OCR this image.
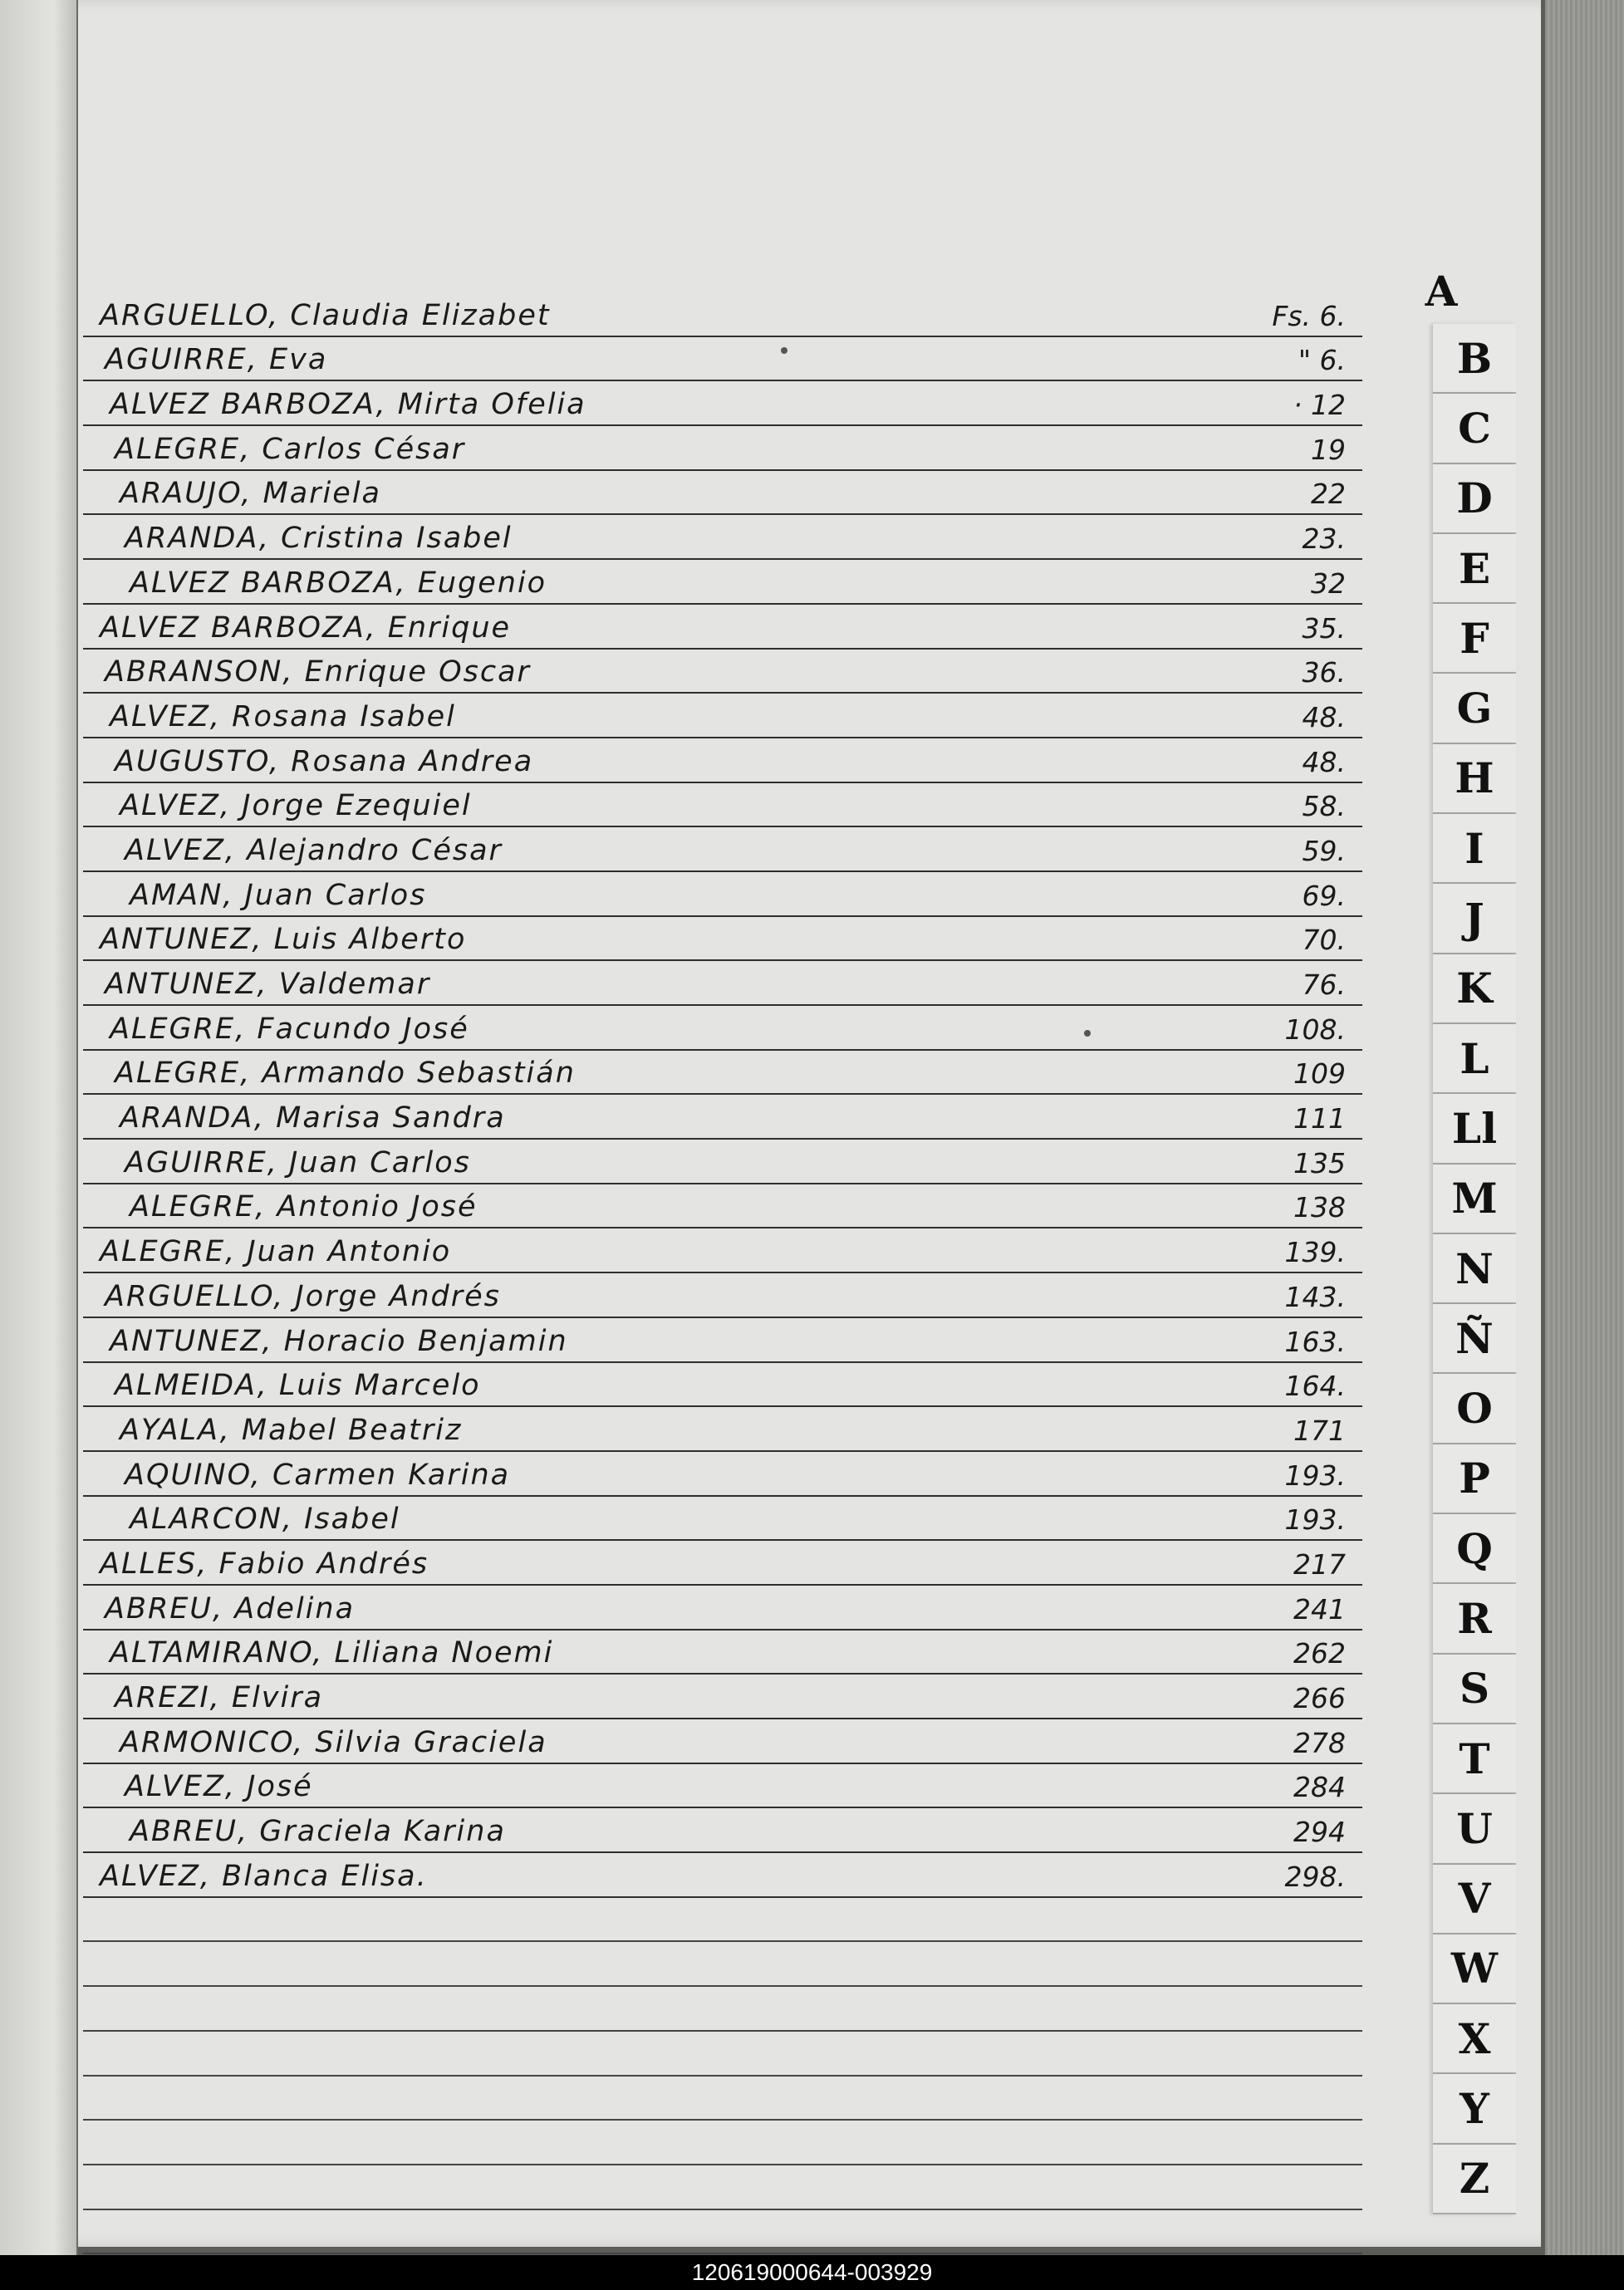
ARGUELLO, Claudia Elizabet	Fs. 6.
AGUIRRE, Eva	" 6.
ALVEZ BARBOZA, Mirta Ofelia	· 12
ALEGRE, Carlos César	19
ARAUJO, Mariela	22
ARANDA, Cristina Isabel	23.
ALVEZ BARBOZA, Eugenio	32
ALVEZ BARBOZA, Enrique	35.
ABRANSON, Enrique Oscar	36.
ALVEZ, Rosana Isabel	48.
AUGUSTO, Rosana Andrea	48.
ALVEZ, Jorge Ezequiel	58.
ALVEZ, Alejandro César	59.
AMAN, Juan Carlos	69.
ANTUNEZ, Luis Alberto	70.
ANTUNEZ, Valdemar	76.
ALEGRE, Facundo José	108.
ALEGRE, Armando Sebastián	109
ARANDA, Marisa Sandra	111
AGUIRRE, Juan Carlos	135
ALEGRE, Antonio José	138
ALEGRE, Juan Antonio	139.
ARGUELLO, Jorge Andrés	143.
ANTUNEZ, Horacio Benjamin	163.
ALMEIDA, Luis Marcelo	164.
AYALA, Mabel Beatriz	171
AQUINO, Carmen Karina	193.
ALARCON, Isabel	193.
ALLES, Fabio Andrés	217
ABREU, Adelina	241
ALTAMIRANO, Liliana Noemi	262
AREZI, Elvira	266
ARMONICO, Silvia Graciela	278
ALVEZ, José	284
ABREU, Graciela Karina	294
ALVEZ, Blanca Elisa.	298.
A
B
C
D
E
F
G
H
I
J
K
L
Ll
M
N
Ñ
O
P
Q
R
S
T
U
V
W
X
Y
Z
120619000644-003929
